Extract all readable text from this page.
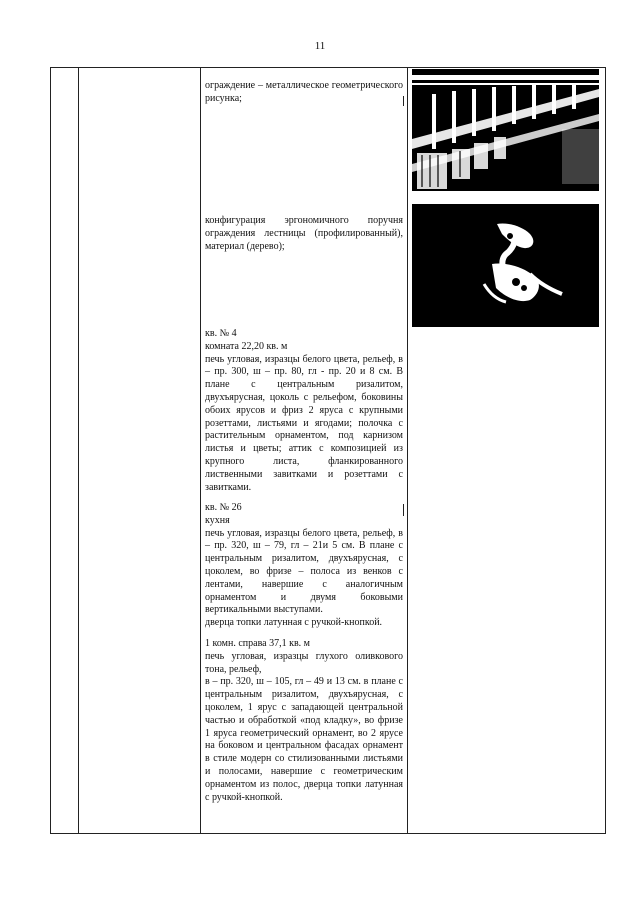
11

ограждение – металлическое геометрического рисунка;

конфигурация эргономичного поручня ограждения лестницы (профилированный), материал (дерево);

кв. № 4

комната 22,20 кв. м

печь угловая, изразцы белого цвета, рельеф, в – пр. 300, ш – пр. 80, гл - пр. 20 и 8 см. В плане с центральным ризалитом, двухъярусная, цоколь с рельефом, боковины обоих ярусов и фриз 2 яруса с крупными розеттами, листьями и ягодами; полочка с растительным орнаментом, под карнизом листья и цветы; аттик с композицией из крупного листа, фланкированного лиственными завитками и розеттами с завитками.

кв. № 26

кухня

печь угловая, изразцы белого цвета, рельеф, в – пр. 320, ш – 79, гл – 21и 5 см. В плане с центральным ризалитом, двухъярусная, с цоколем, во фризе – полоса из венков с лентами, навершие с аналогичным орнаментом и двумя боковыми вертикальными выступами.

дверца топки латунная с ручкой-кнопкой.

1 комн. справа 37,1 кв. м

печь угловая, изразцы глухого оливкового тона, рельеф,

в – пр. 320, ш – 105, гл – 49 и 13 см. в плане с центральным ризалитом, двухъярусная, с цоколем, 1 ярус с западающей центральной частью и обработкой «под кладку», во фризе 1 яруса геометрический орнамент, во 2 ярусе на боковом и центральном фасадах орнамент в стиле модерн со стилизованными листьями и полосами, навершие с геометрическим орнаментом из полос, дверца топки латунная с ручкой-кнопкой.
